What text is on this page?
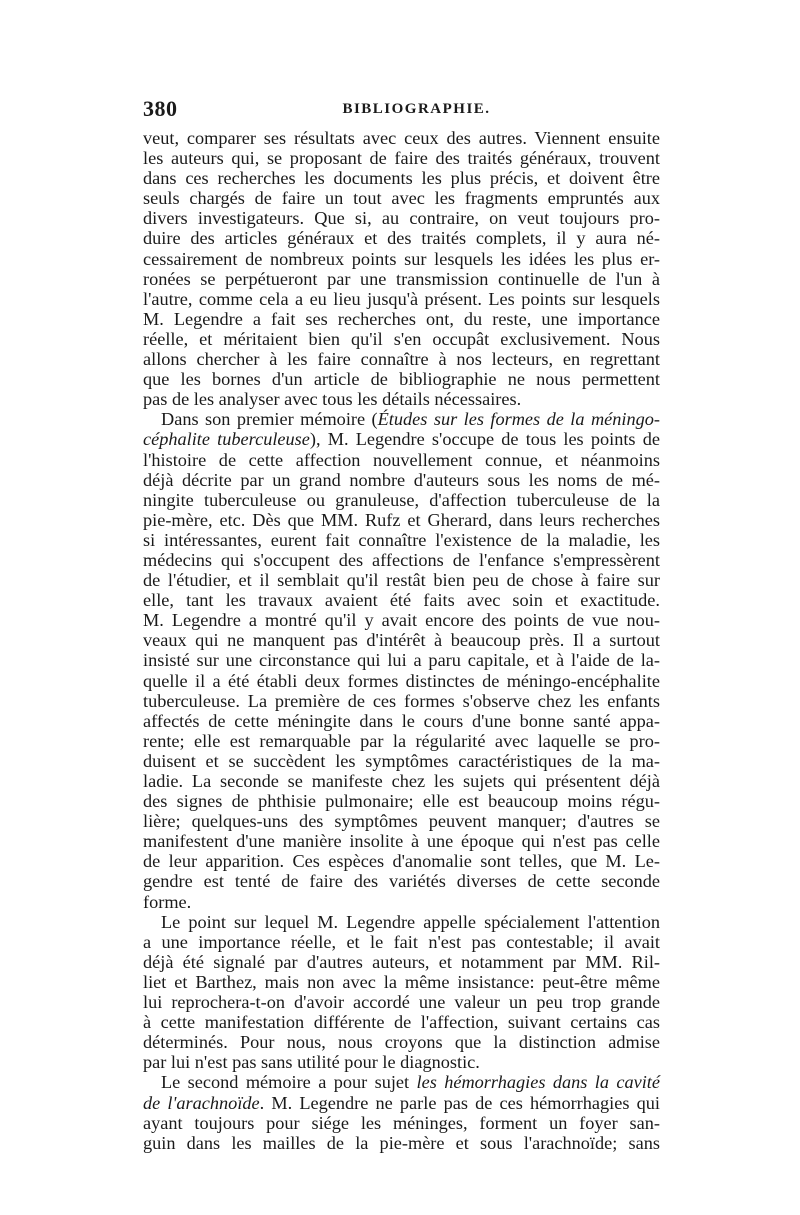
380	BIBLIOGRAPHIE.
veut, comparer ses résultats avec ceux des autres. Viennent ensuite
les auteurs qui, se proposant de faire des traités généraux, trouvent
dans ces recherches les documents les plus précis, et doivent être
seuls chargés de faire un tout avec les fragments empruntés aux
divers investigateurs. Que si, au contraire, on veut toujours pro-
duire des articles généraux et des traités complets, il y aura né-
cessairement de nombreux points sur lesquels les idées les plus er-
ronées se perpétueront par une transmission continuelle de l'un à
l'autre, comme cela a eu lieu jusqu'à présent. Les points sur lesquels
M. Legendre a fait ses recherches ont, du reste, une importance
réelle, et méritaient bien qu'il s'en occupât exclusivement. Nous
allons chercher à les faire connaître à nos lecteurs, en regrettant
que les bornes d'un article de bibliographie ne nous permettent
pas de les analyser avec tous les détails nécessaires.
Dans son premier mémoire (Études sur les formes de la méningo-
céphalite tuberculeuse), M. Legendre s'occupe de tous les points de
l'histoire de cette affection nouvellement connue, et néanmoins
déjà décrite par un grand nombre d'auteurs sous les noms de mé-
ningite tuberculeuse ou granuleuse, d'affection tuberculeuse de la
pie-mère, etc. Dès que MM. Rufz et Gherard, dans leurs recherches
si intéressantes, eurent fait connaître l'existence de la maladie, les
médecins qui s'occupent des affections de l'enfance s'empressèrent
de l'étudier, et il semblait qu'il restât bien peu de chose à faire sur
elle, tant les travaux avaient été faits avec soin et exactitude.
M. Legendre a montré qu'il y avait encore des points de vue nou-
veaux qui ne manquent pas d'intérêt à beaucoup près. Il a surtout
insisté sur une circonstance qui lui a paru capitale, et à l'aide de la-
quelle il a été établi deux formes distinctes de méningo-encéphalite
tuberculeuse. La première de ces formes s'observe chez les enfants
affectés de cette méningite dans le cours d'une bonne santé appa-
rente; elle est remarquable par la régularité avec laquelle se pro-
duisent et se succèdent les symptômes caractéristiques de la ma-
ladie. La seconde se manifeste chez les sujets qui présentent déjà
des signes de phthisie pulmonaire; elle est beaucoup moins régu-
lière; quelques-uns des symptômes peuvent manquer; d'autres se
manifestent d'une manière insolite à une époque qui n'est pas celle
de leur apparition. Ces espèces d'anomalie sont telles, que M. Le-
gendre est tenté de faire des variétés diverses de cette seconde
forme.
Le point sur lequel M. Legendre appelle spécialement l'attention
a une importance réelle, et le fait n'est pas contestable; il avait
déjà été signalé par d'autres auteurs, et notamment par MM. Ril-
liet et Barthez, mais non avec la même insistance: peut-être même
lui reprochera-t-on d'avoir accordé une valeur un peu trop grande
à cette manifestation différente de l'affection, suivant certains cas
déterminés. Pour nous, nous croyons que la distinction admise
par lui n'est pas sans utilité pour le diagnostic.
Le second mémoire a pour sujet les hémorrhagies dans la cavité
de l'arachnoïde. M. Legendre ne parle pas de ces hémorrhagies qui
ayant toujours pour siége les méninges, forment un foyer san-
guin dans les mailles de la pie-mère et sous l'arachnoïde; sans
